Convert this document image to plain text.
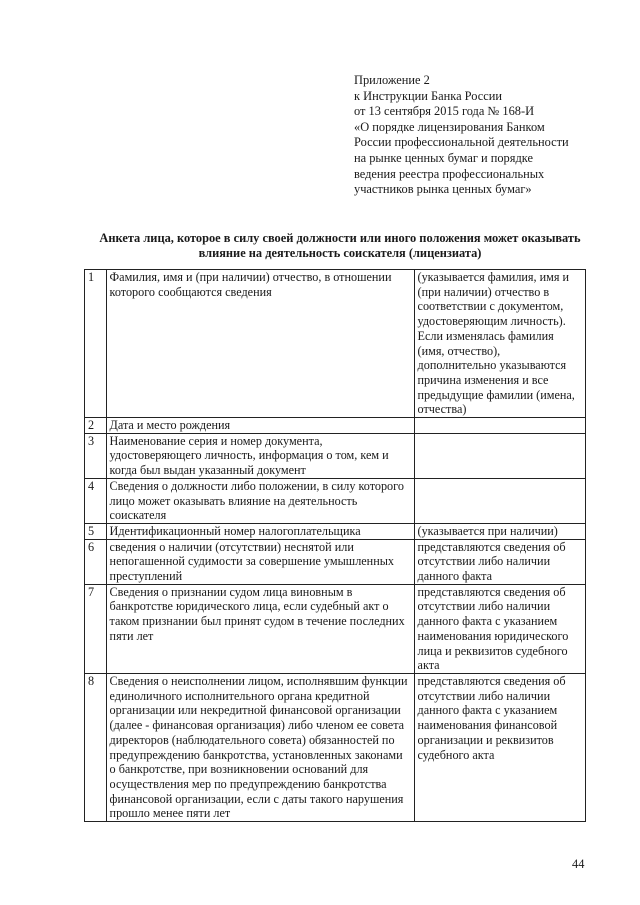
Приложение 2
к Инструкции Банка России
от 13 сентября 2015 года № 168-И
«О порядке лицензирования Банком
России профессиональной деятельности
на рынке ценных бумаг и порядке
ведения реестра профессиональных
участников рынка ценных бумаг»
Анкета лица, которое в силу своей должности или иного положения может оказывать
влияние на деятельность соискателя (лицензиата)
1	Фамилия, имя и (при наличии) отчество, в отношении которого сообщаются сведения	(указывается фамилия, имя и (при наличии) отчество в соответствии с документом, удостоверяющим личность). Если изменялась фамилия (имя, отчество), дополнительно указываются причина изменения и все предыдущие фамилии (имена, отчества)
2	Дата и место рождения	
3	Наименование серия и номер документа, удостоверяющего личность, информация о том, кем и когда был выдан указанный документ	
4	Сведения о должности либо положении, в силу которого лицо может оказывать влияние на деятельность соискателя	
5	Идентификационный номер налогоплательщика	(указывается при наличии)
6	сведения о наличии (отсутствии) неснятой или непогашенной судимости за совершение умышленных преступлений	представляются сведения об отсутствии либо наличии данного факта
7	Сведения о признании судом лица виновным в банкротстве юридического лица, если судебный акт о таком признании был принят судом в течение последних пяти лет	представляются сведения об отсутствии либо наличии данного факта с указанием наименования юридического лица и реквизитов судебного акта
8	Сведения о неисполнении лицом, исполнявшим функции единоличного исполнительного органа кредитной организации или некредитной финансовой организации (далее - финансовая организация) либо членом ее совета директоров (наблюдательного совета) обязанностей по предупреждению банкротства, установленных законами о банкротстве, при возникновении оснований для осуществления мер по предупреждению банкротства финансовой организации, если с даты такого нарушения прошло менее пяти лет	представляются сведения об отсутствии либо наличии данного факта с указанием наименования финансовой организации и реквизитов судебного акта
44
